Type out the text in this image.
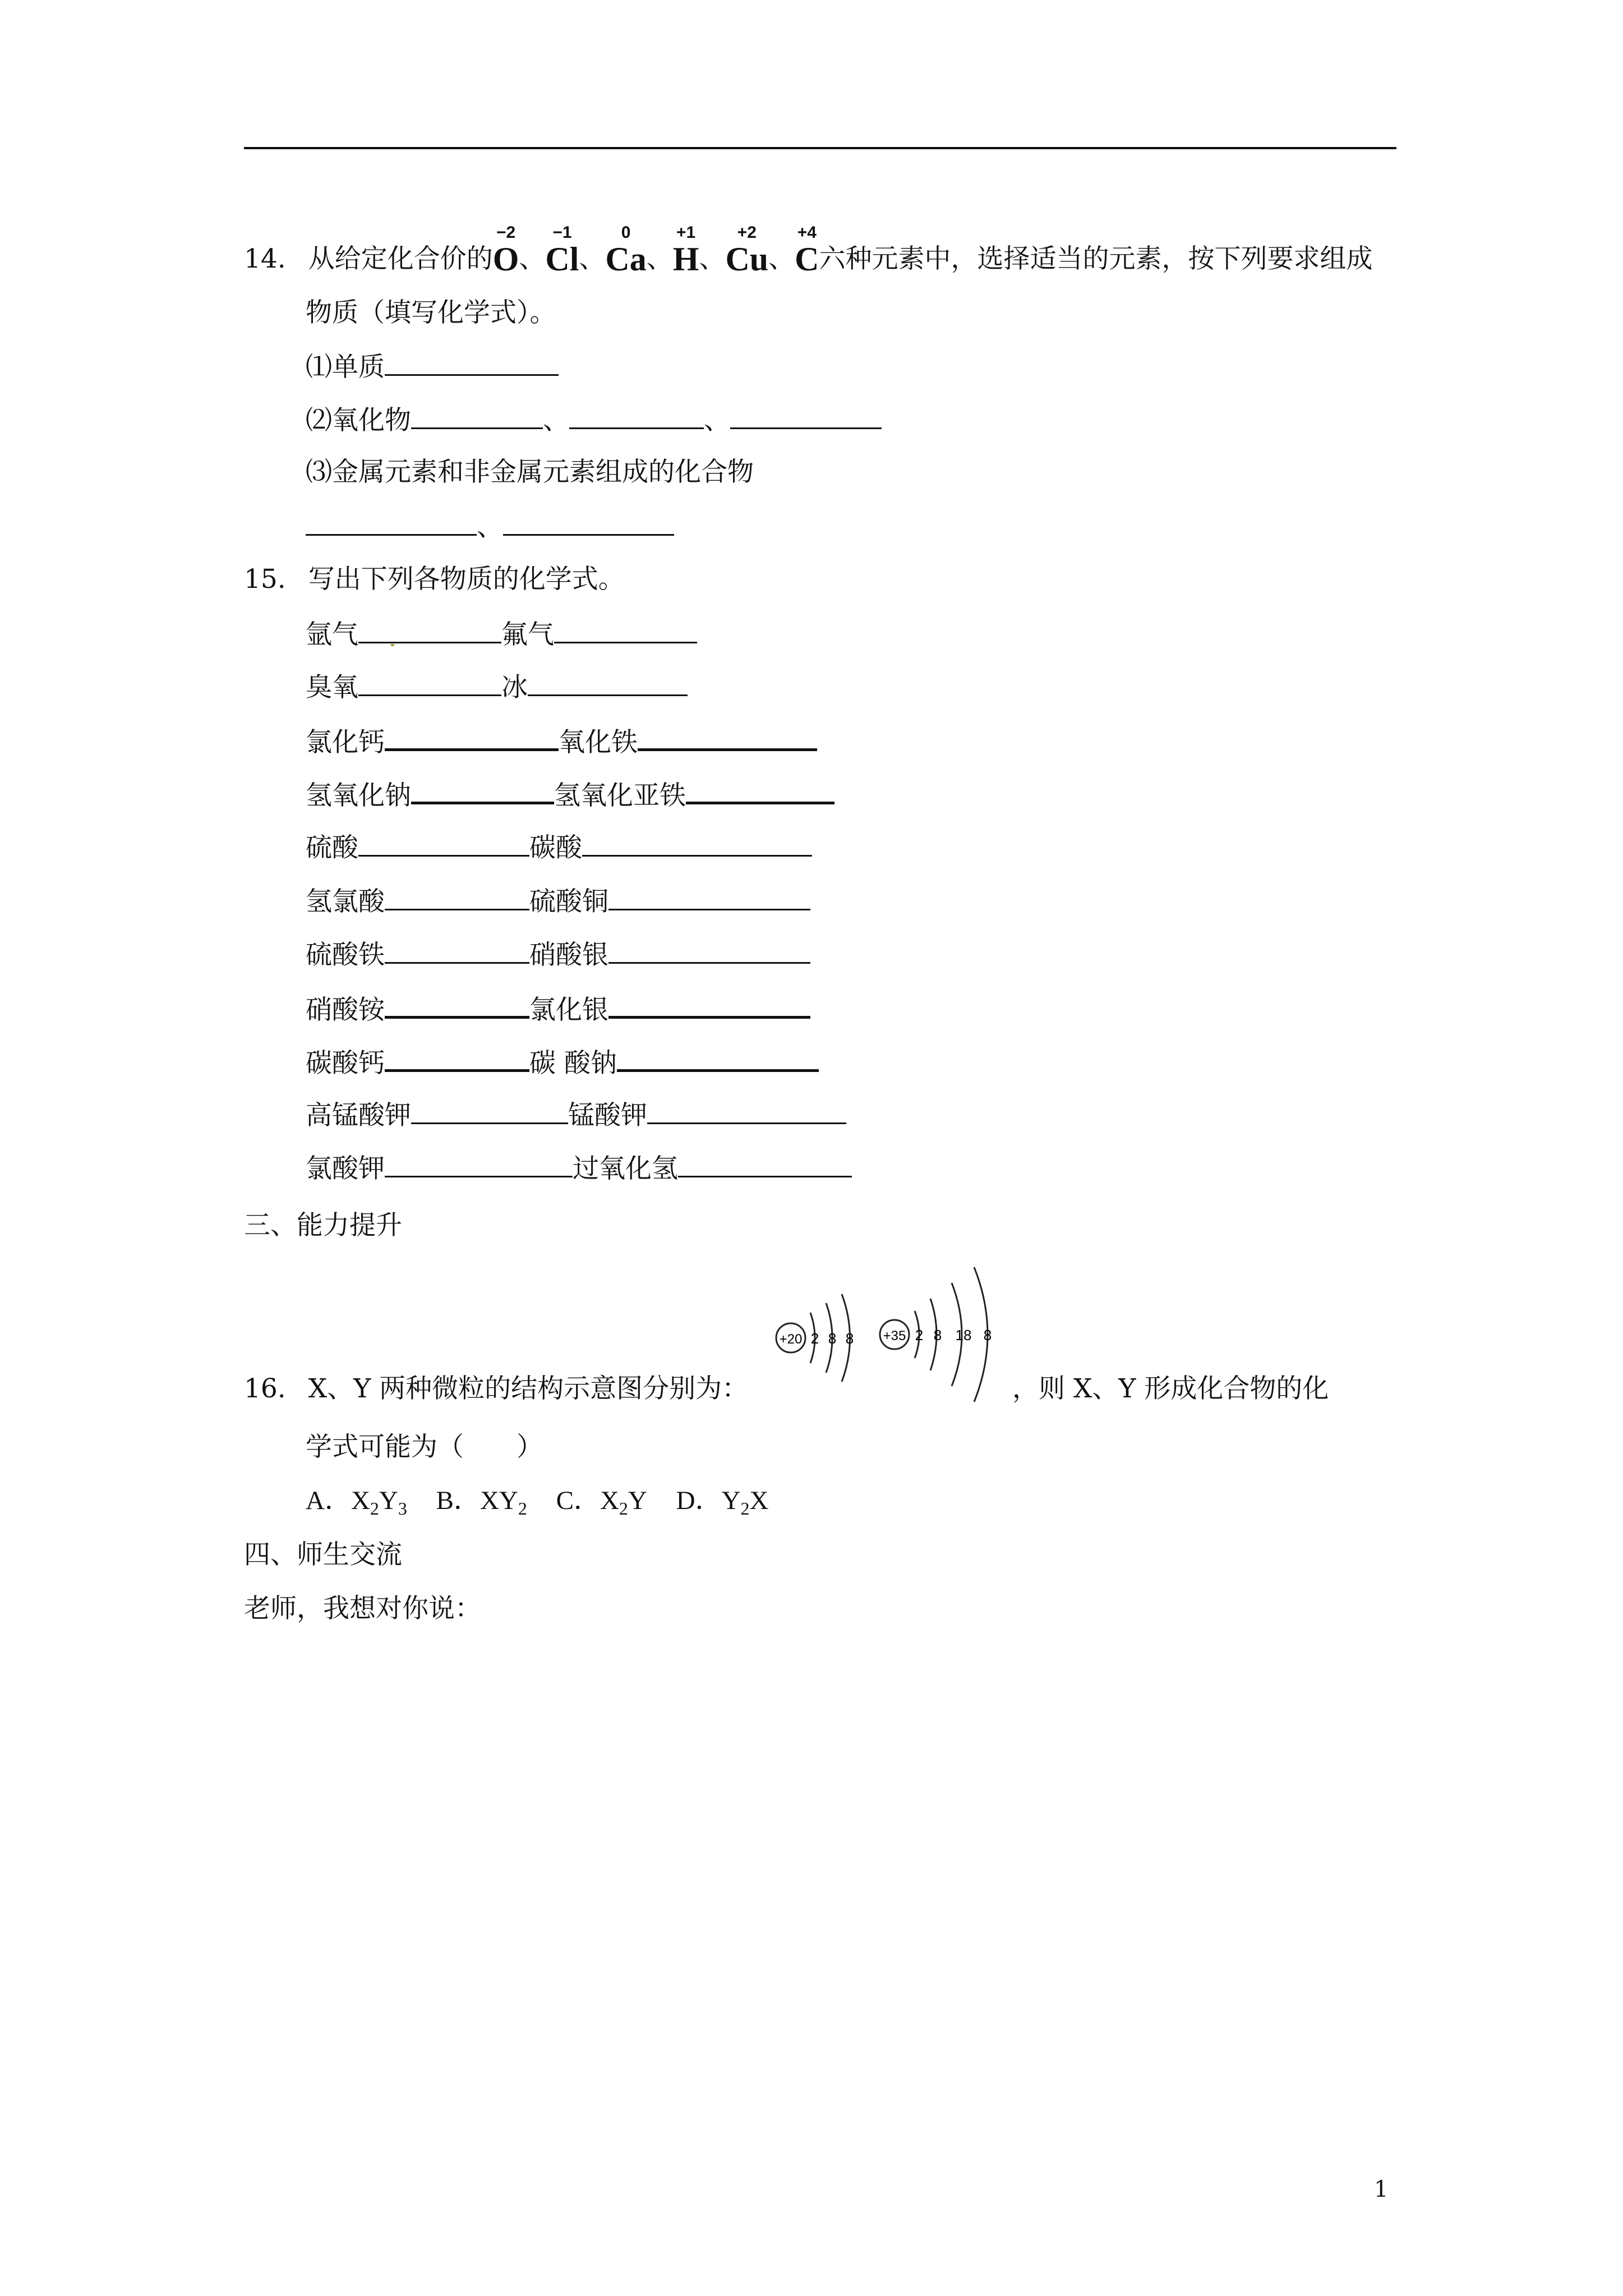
14. 从给定化合价的
−2
O 、
−1
Cl 、
0
Ca 、
+1
H 、
+2
Cu 、
+4
C 六种元素中，选择适当的元素，按下列要求组成
物质（填写化学式）。
⑴单质
⑵氧化物	、	、
⑶金属元素和非金属元素组成的化合物
、
15. 写出下列各物质的化学式。
氩气	氟气
臭氧	冰
氯化钙	氧化铁
氢氧化钠	氢氧化亚铁
硫酸	碳酸
氢氯酸	硫酸铜
硫酸铁	硝酸银
硝酸铵	氯化银
碳酸钙	碳 酸钠
高锰酸钾	锰酸钾
氯酸钾	过氧化氢
三、能力提升
+20 2 8 8 +35 2 8 18 8
16. X、Y 两种微粒的结构示意图分别为：	，则 X、Y 形成化合物的化
学式可能为（　　）
A．$X_2Y_3$ B．$XY_2$ C．$X_2Y$ D．$Y_2X$
四、师生交流
老师，我想对你说：
1
